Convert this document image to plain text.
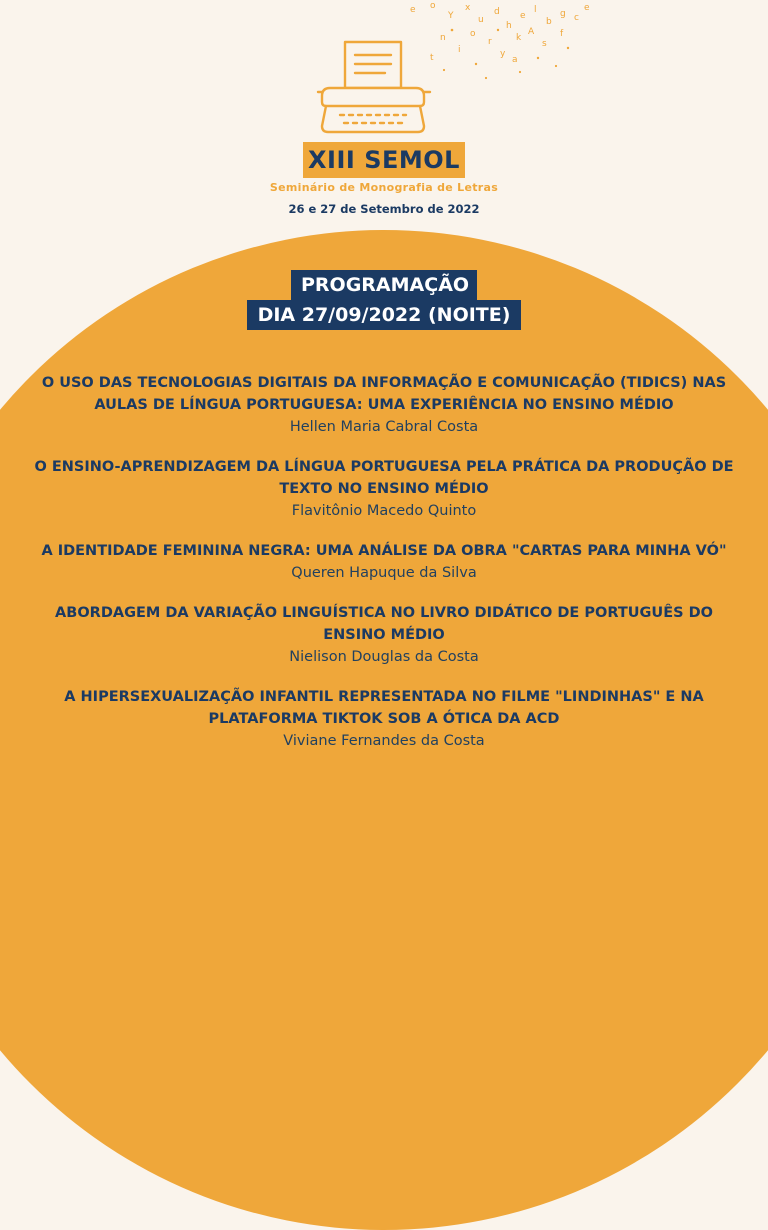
e o
Y
x
u
d
h
e
l
b
g c
e
o
r
y
k
A
s
i
a
n
t
f
XIII SEMOL
Seminário de Monografia de Letras
26 e 27 de Setembro de 2022
PROGRAMAÇÃO
DIA 27/09/2022 (NOITE)
O USO DAS TECNOLOGIAS DIGITAIS DA INFORMAÇÃO E COMUNICAÇÃO (TIDICS) NAS
AULAS DE LÍNGUA PORTUGUESA: UMA EXPERIÊNCIA NO ENSINO MÉDIO
Hellen Maria Cabral Costa
O ENSINO-APRENDIZAGEM DA LÍNGUA PORTUGUESA PELA PRÁTICA DA PRODUÇÃO DE
TEXTO NO ENSINO MÉDIO
Flavitônio Macedo Quinto
A IDENTIDADE FEMININA NEGRA: UMA ANÁLISE DA OBRA "CARTAS PARA MINHA VÓ"
Queren Hapuque da Silva
ABORDAGEM DA VARIAÇÃO LINGUÍSTICA NO LIVRO DIDÁTICO DE PORTUGUÊS DO
ENSINO MÉDIO
Nielison Douglas da Costa
A HIPERSEXUALIZAÇÃO INFANTIL REPRESENTADA NO FILME "LINDINHAS" E NA
PLATAFORMA TIKTOK SOB A ÓTICA DA ACD
Viviane Fernandes da Costa
